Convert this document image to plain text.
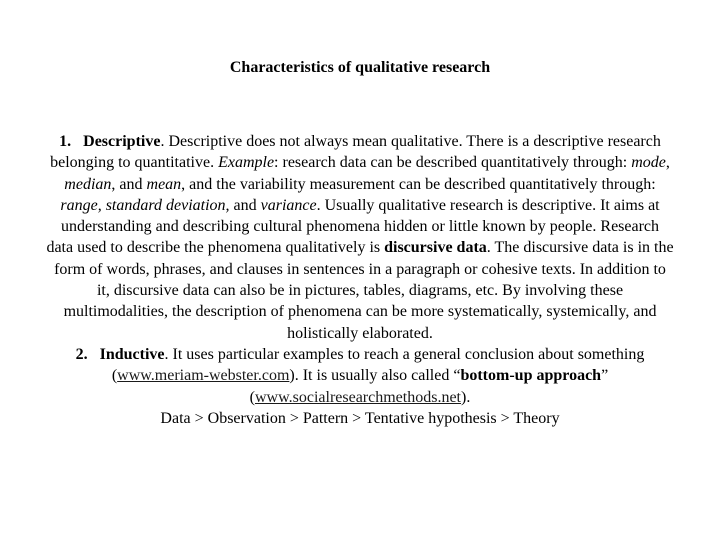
Characteristics of qualitative research

1. Descriptive. Descriptive does not always mean qualitative. There is a descriptive research belonging to quantitative. Example: research data can be described quantitatively through: mode, median, and mean, and the variability measurement can be described quantitatively through: range, standard deviation, and variance. Usually qualitative research is descriptive. It aims at understanding and describing cultural phenomena hidden or little known by people. Research data used to describe the phenomena qualitatively is discursive data. The discursive data is in the form of words, phrases, and clauses in sentences in a paragraph or cohesive texts. In addition to it, discursive data can also be in pictures, tables, diagrams, etc. By involving these multimodalities, the description of phenomena can be more systematically, systemically, and holistically elaborated.

2. Inductive. It uses particular examples to reach a general conclusion about something (www.meriam-webster.com). It is usually also called “bottom-up approach” (www.socialresearchmethods.net).

Data > Observation > Pattern > Tentative hypothesis > Theory
